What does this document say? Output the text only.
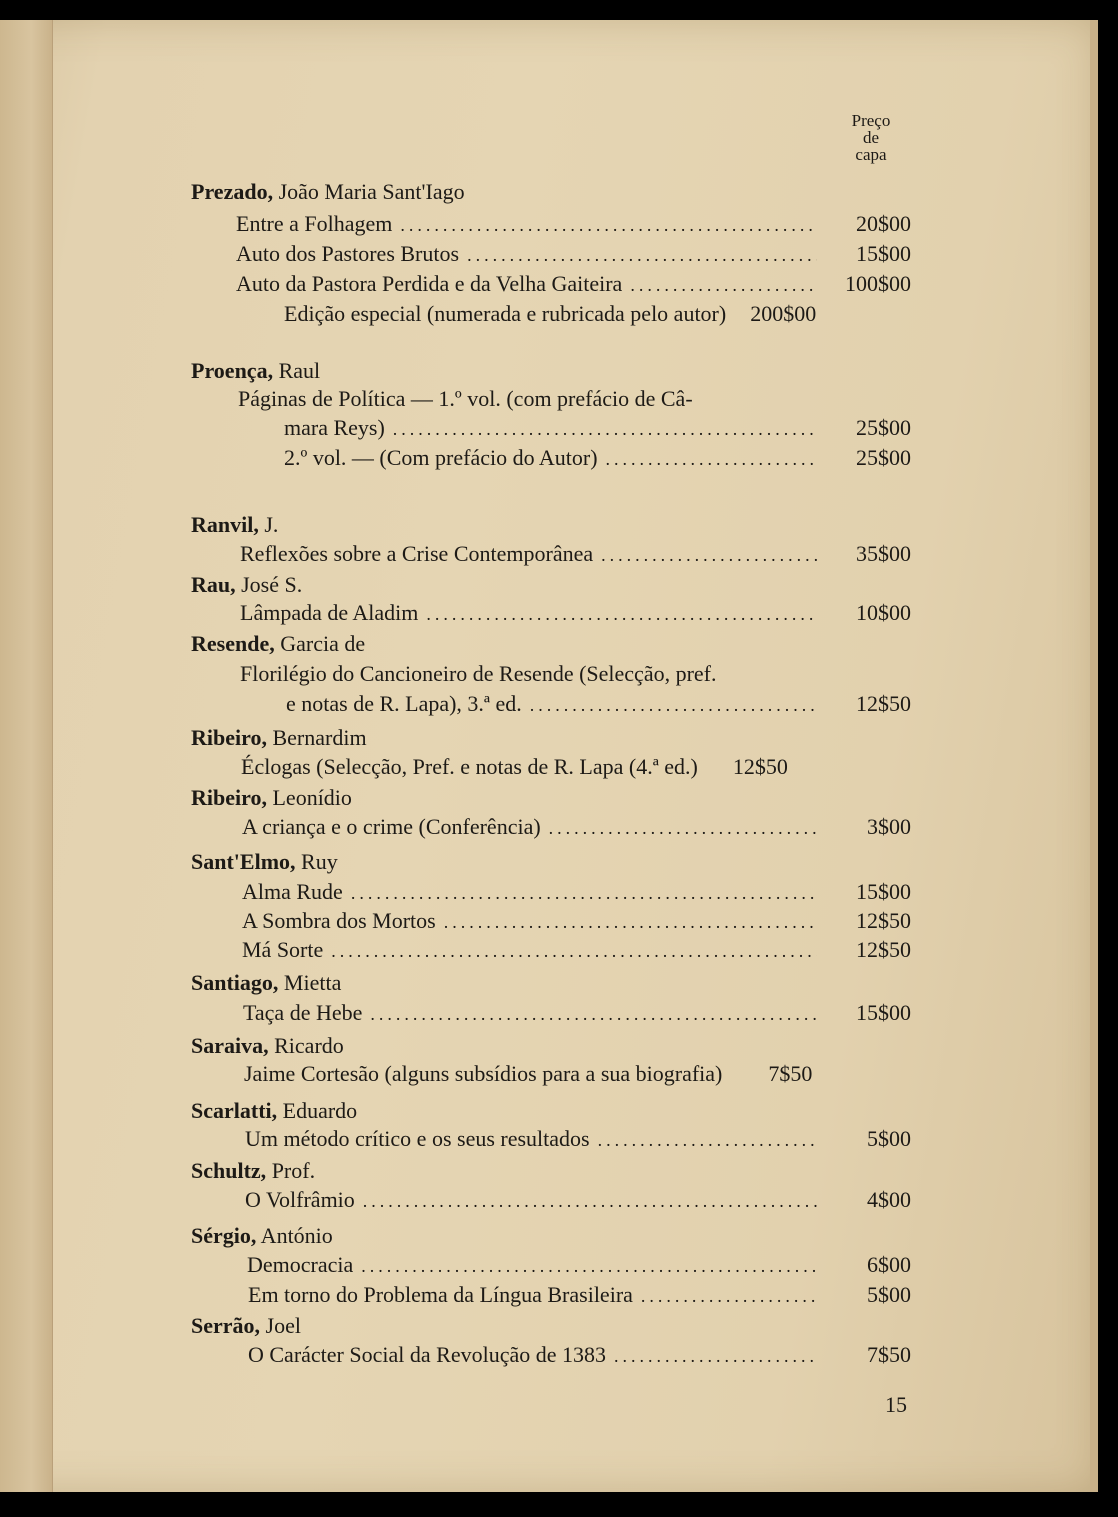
Preço
de
capa
Prezado, João Maria Sant'Iago
Entre a Folhagem .....	20$00
Auto dos Pastores Brutos .....	15$00
Auto da Pastora Perdida e da Velha Gaiteira .....	100$00
Edição especial (numerada e rubricada pelo autor)	200$00
Proença, Raul
Páginas de Política — 1.º vol. (com prefácio de Câ-
mara Reys) .....	25$00
2.º vol. — (Com prefácio do Autor) .....	25$00
Ranvil, J.
Reflexões sobre a Crise Contemporânea .....	35$00
Rau, José S.
Lâmpada de Aladim .....	10$00
Resende, Garcia de
Florilégio do Cancioneiro de Resende (Selecção, pref.
e notas de R. Lapa), 3.ª ed. .....	12$50
Ribeiro, Bernardim
Éclogas (Selecção, Pref. e notas de R. Lapa (4.ª ed.)	12$50
Ribeiro, Leonídio
A criança e o crime (Conferência) .....	3$00
Sant'Elmo, Ruy
Alma Rude .....	15$00
A Sombra dos Mortos .....	12$50
Má Sorte .....	12$50
Santiago, Mietta
Taça de Hebe .....	15$00
Saraiva, Ricardo
Jaime Cortesão (alguns subsídios para a sua biografia)	7$50
Scarlatti, Eduardo
Um método crítico e os seus resultados .....	5$00
Schultz, Prof.
O Volfrâmio .....	4$00
Sérgio, António
Democracia .....	6$00
Em torno do Problema da Língua Brasileira .....	5$00
Serrão, Joel
O Carácter Social da Revolução de 1383 .....	7$50
15
